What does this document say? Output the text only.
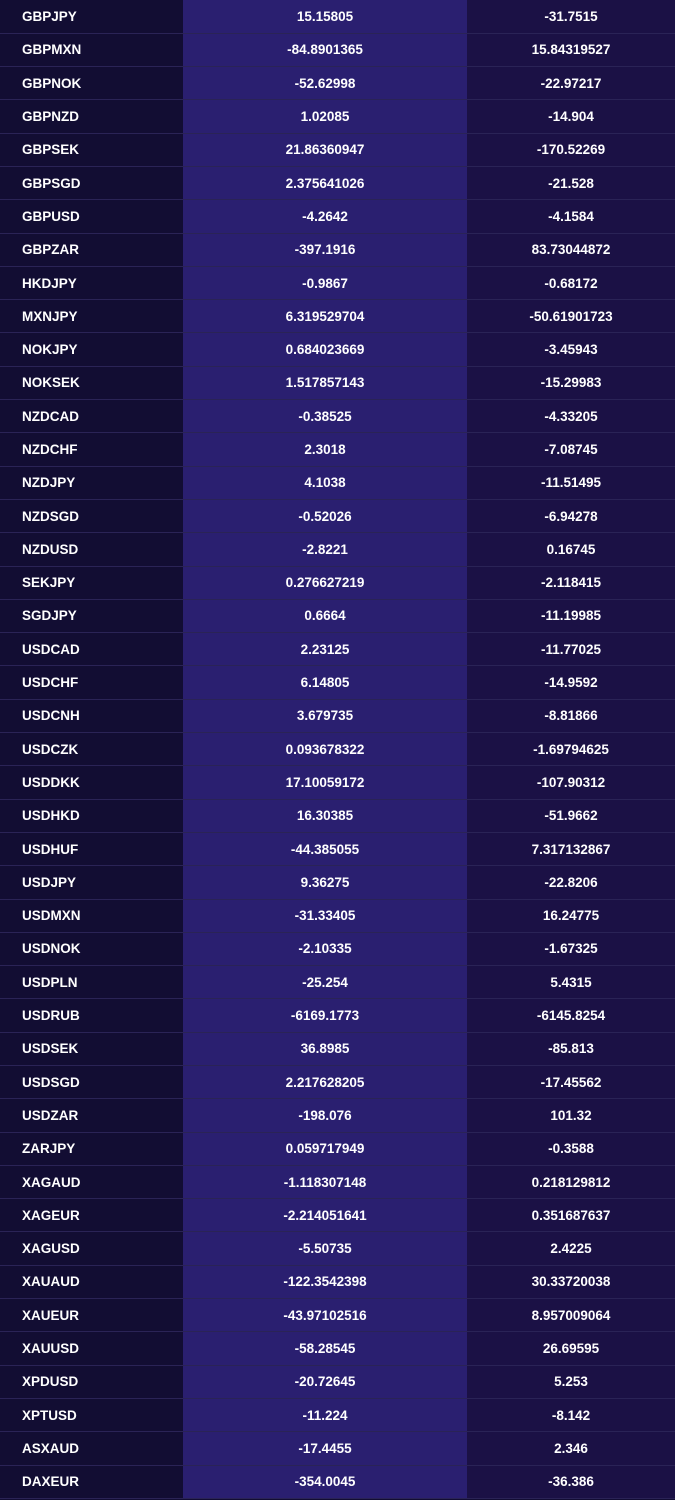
GBPJPY	15.15805	-31.7515
GBPMXN	-84.8901365	15.84319527
GBPNOK	-52.62998	-22.97217
GBPNZD	1.02085	-14.904
GBPSEK	21.86360947	-170.52269
GBPSGD	2.375641026	-21.528
GBPUSD	-4.2642	-4.1584
GBPZAR	-397.1916	83.73044872
HKDJPY	-0.9867	-0.68172
MXNJPY	6.319529704	-50.61901723
NOKJPY	0.684023669	-3.45943
NOKSEK	1.517857143	-15.29983
NZDCAD	-0.38525	-4.33205
NZDCHF	2.3018	-7.08745
NZDJPY	4.1038	-11.51495
NZDSGD	-0.52026	-6.94278
NZDUSD	-2.8221	0.16745
SEKJPY	0.276627219	-2.118415
SGDJPY	0.6664	-11.19985
USDCAD	2.23125	-11.77025
USDCHF	6.14805	-14.9592
USDCNH	3.679735	-8.81866
USDCZK	0.093678322	-1.69794625
USDDKK	17.10059172	-107.90312
USDHKD	16.30385	-51.9662
USDHUF	-44.385055	7.317132867
USDJPY	9.36275	-22.8206
USDMXN	-31.33405	16.24775
USDNOK	-2.10335	-1.67325
USDPLN	-25.254	5.4315
USDRUB	-6169.1773	-6145.8254
USDSEK	36.8985	-85.813
USDSGD	2.217628205	-17.45562
USDZAR	-198.076	101.32
ZARJPY	0.059717949	-0.3588
XAGAUD	-1.118307148	0.218129812
XAGEUR	-2.214051641	0.351687637
XAGUSD	-5.50735	2.4225
XAUAUD	-122.3542398	30.33720038
XAUEUR	-43.97102516	8.957009064
XAUUSD	-58.28545	26.69595
XPDUSD	-20.72645	5.253
XPTUSD	-11.224	-8.142
ASXAUD	-17.4455	2.346
DAXEUR	-354.0045	-36.386
